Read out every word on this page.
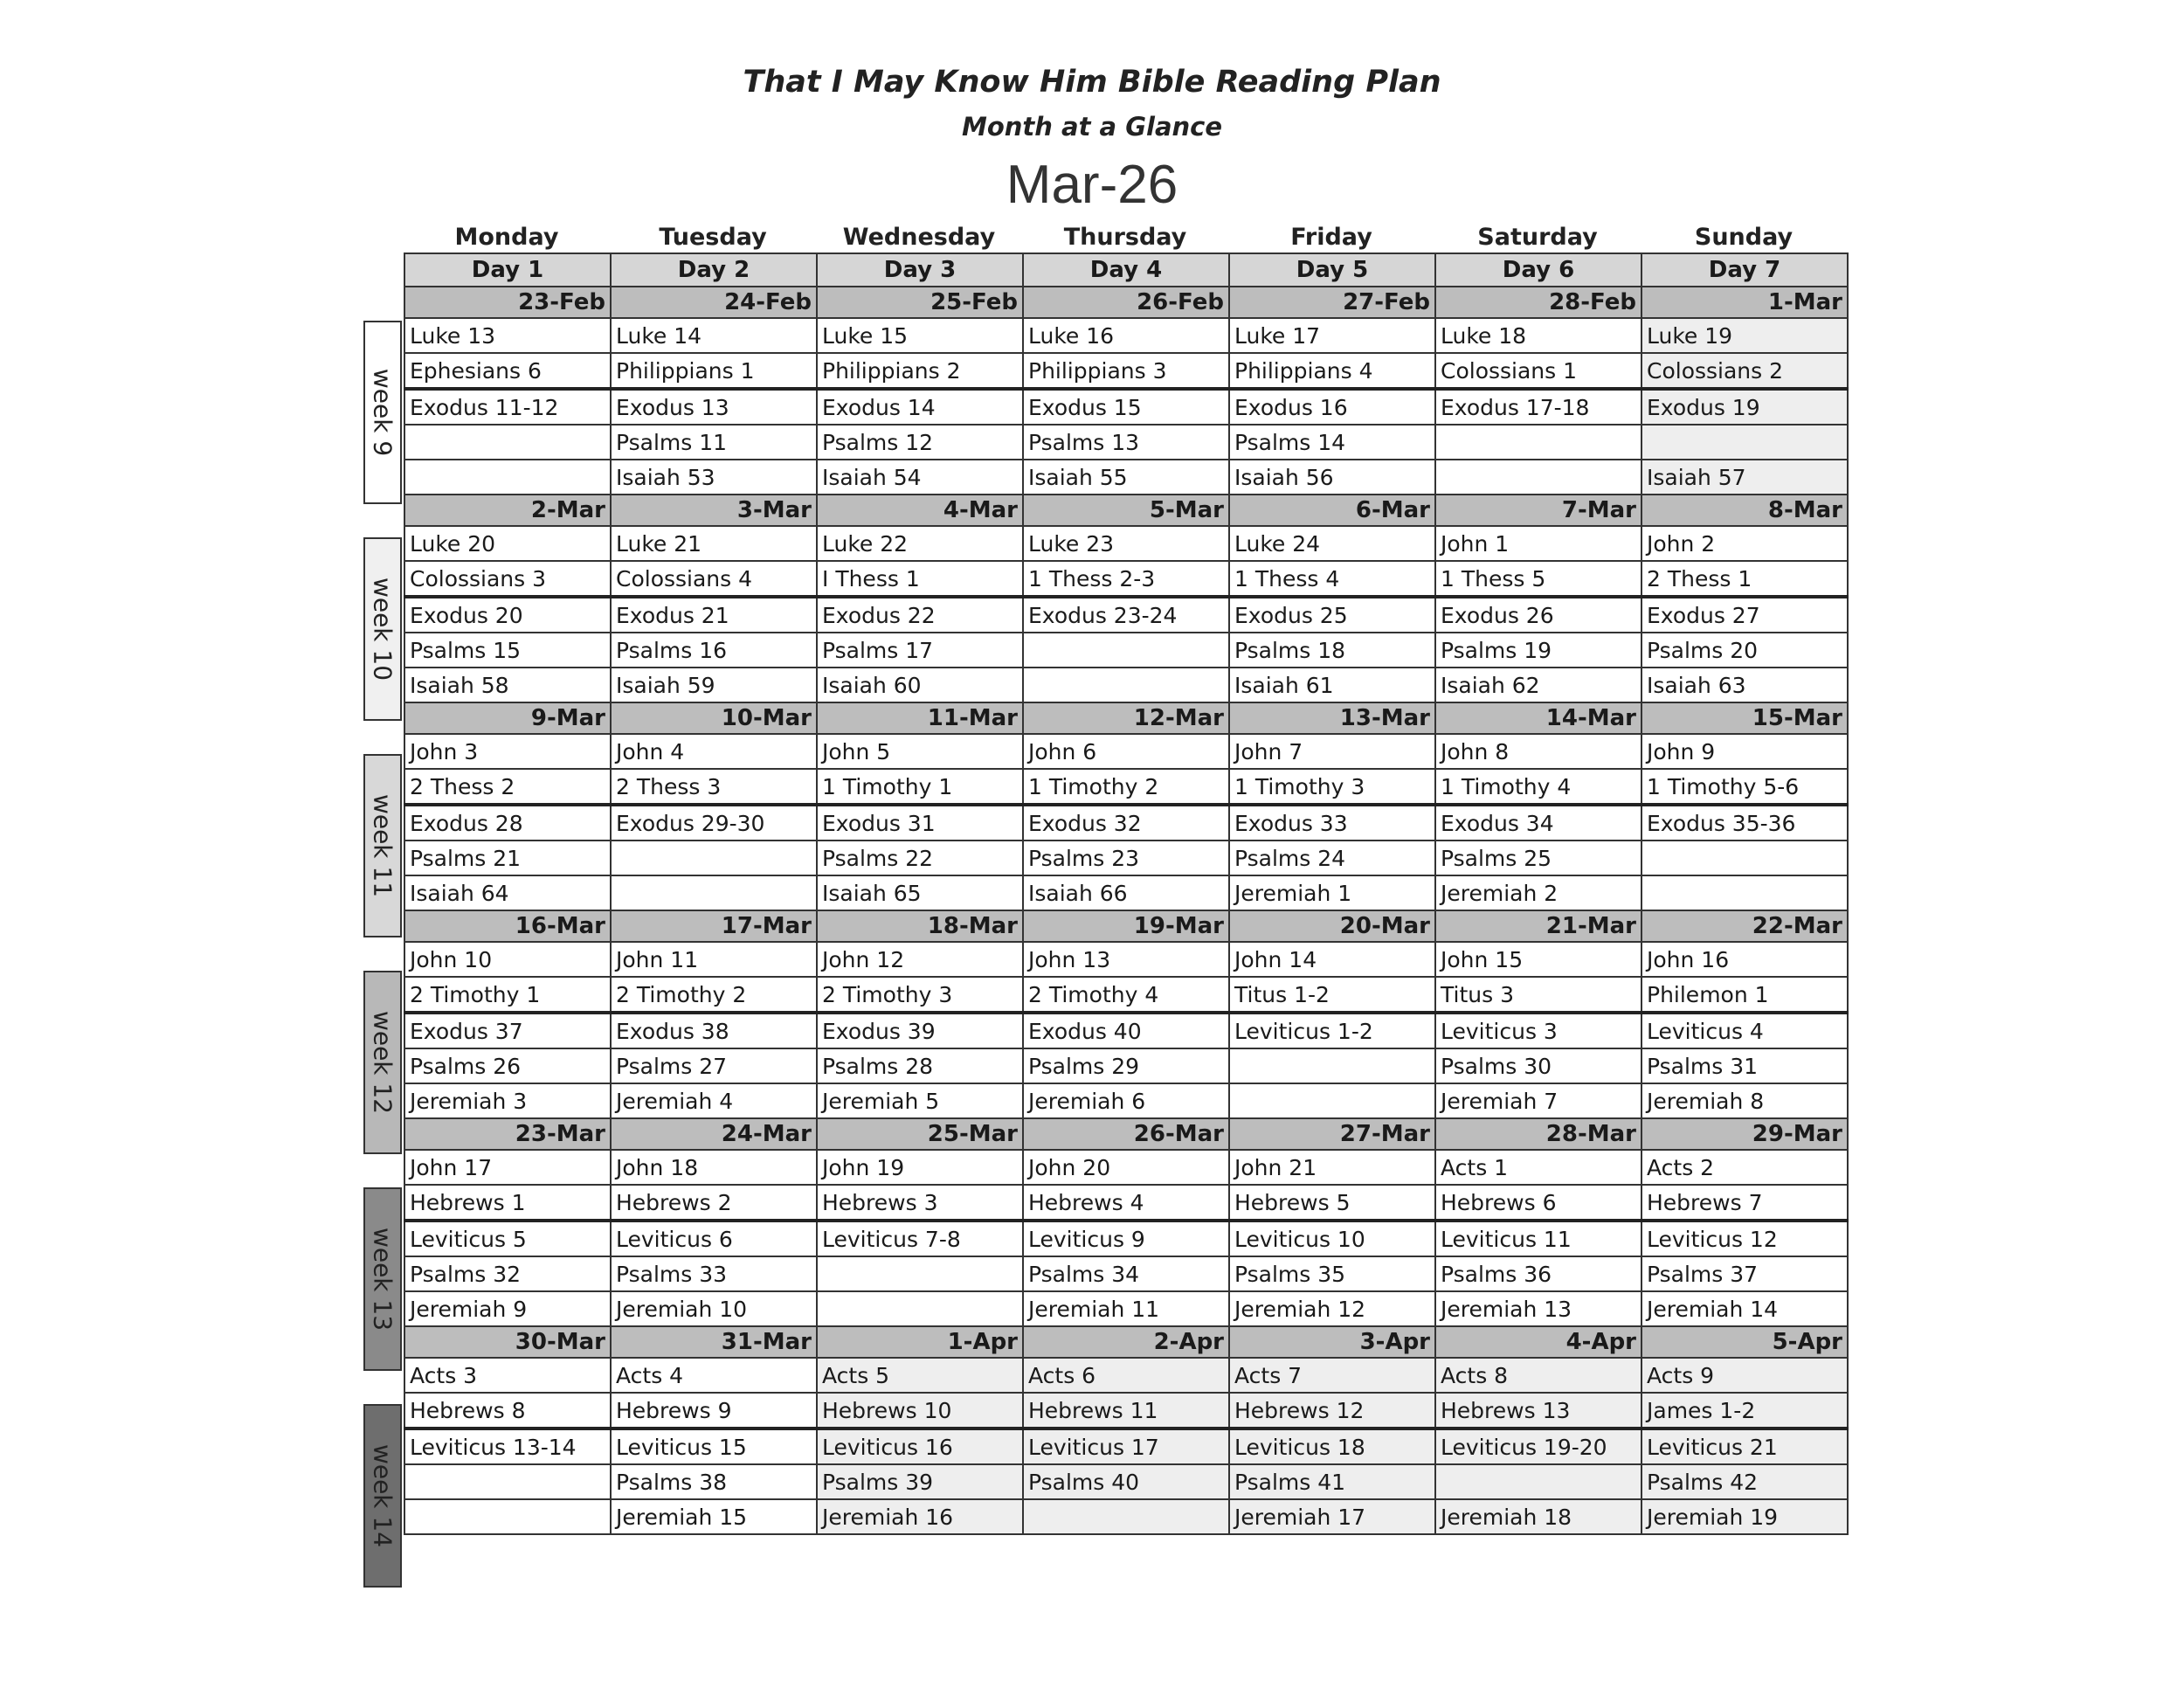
That I May Know Him Bible Reading Plan
Month at a Glance
Mar-26
Monday	Tuesday	Wednesday	Thursday	Friday	Saturday	Sunday
Day 1	Day 2	Day 3	Day 4	Day 5	Day 6	Day 7
23-Feb	24-Feb	25-Feb	26-Feb	27-Feb	28-Feb	1-Mar
Luke 13	Luke 14	Luke 15	Luke 16	Luke 17	Luke 18	Luke 19
Ephesians 6	Philippians 1	Philippians 2	Philippians 3	Philippians 4	Colossians 1	Colossians 2
Exodus 11-12	Exodus 13	Exodus 14	Exodus 15	Exodus 16	Exodus 17-18	Exodus 19
	Psalms 11	Psalms 12	Psalms 13	Psalms 14		
	Isaiah 53	Isaiah 54	Isaiah 55	Isaiah 56		Isaiah 57
2-Mar	3-Mar	4-Mar	5-Mar	6-Mar	7-Mar	8-Mar
Luke 20	Luke 21	Luke 22	Luke 23	Luke 24	John 1	John 2
Colossians 3	Colossians 4	I Thess 1	1 Thess 2-3	1 Thess 4	1 Thess 5	2 Thess 1
Exodus 20	Exodus 21	Exodus 22	Exodus 23-24	Exodus 25	Exodus 26	Exodus 27
Psalms 15	Psalms 16	Psalms 17		Psalms 18	Psalms 19	Psalms 20
Isaiah 58	Isaiah 59	Isaiah 60		Isaiah 61	Isaiah 62	Isaiah 63
9-Mar	10-Mar	11-Mar	12-Mar	13-Mar	14-Mar	15-Mar
John 3	John 4	John 5	John 6	John 7	John 8	John 9
2 Thess 2	2 Thess 3	1 Timothy 1	1 Timothy 2	1 Timothy 3	1 Timothy 4	1 Timothy 5-6
Exodus 28	Exodus 29-30	Exodus 31	Exodus 32	Exodus 33	Exodus 34	Exodus 35-36
Psalms 21		Psalms 22	Psalms 23	Psalms 24	Psalms 25	
Isaiah 64		Isaiah 65	Isaiah 66	Jeremiah 1	Jeremiah 2	
16-Mar	17-Mar	18-Mar	19-Mar	20-Mar	21-Mar	22-Mar
John 10	John 11	John 12	John 13	John 14	John 15	John 16
2 Timothy 1	2 Timothy 2	2 Timothy 3	2 Timothy 4	Titus 1-2	Titus 3	Philemon 1
Exodus 37	Exodus 38	Exodus 39	Exodus 40	Leviticus 1-2	Leviticus 3	Leviticus 4
Psalms 26	Psalms 27	Psalms 28	Psalms 29		Psalms 30	Psalms 31
Jeremiah 3	Jeremiah 4	Jeremiah 5	Jeremiah 6		Jeremiah 7	Jeremiah 8
23-Mar	24-Mar	25-Mar	26-Mar	27-Mar	28-Mar	29-Mar
John 17	John 18	John 19	John 20	John 21	Acts 1	Acts 2
Hebrews 1	Hebrews 2	Hebrews 3	Hebrews 4	Hebrews 5	Hebrews 6	Hebrews 7
Leviticus 5	Leviticus 6	Leviticus 7-8	Leviticus 9	Leviticus 10	Leviticus 11	Leviticus 12
Psalms 32	Psalms 33		Psalms 34	Psalms 35	Psalms 36	Psalms 37
Jeremiah 9	Jeremiah 10		Jeremiah 11	Jeremiah 12	Jeremiah 13	Jeremiah 14
30-Mar	31-Mar	1-Apr	2-Apr	3-Apr	4-Apr	5-Apr
Acts 3	Acts 4	Acts 5	Acts 6	Acts 7	Acts 8	Acts 9
Hebrews 8	Hebrews 9	Hebrews 10	Hebrews 11	Hebrews 12	Hebrews 13	James 1-2
Leviticus 13-14	Leviticus 15	Leviticus 16	Leviticus 17	Leviticus 18	Leviticus 19-20	Leviticus 21
	Psalms 38	Psalms 39	Psalms 40	Psalms 41		Psalms 42
	Jeremiah 15	Jeremiah 16		Jeremiah 17	Jeremiah 18	Jeremiah 19
week 9
week 10
week 11
week 12
week 13
week 14
